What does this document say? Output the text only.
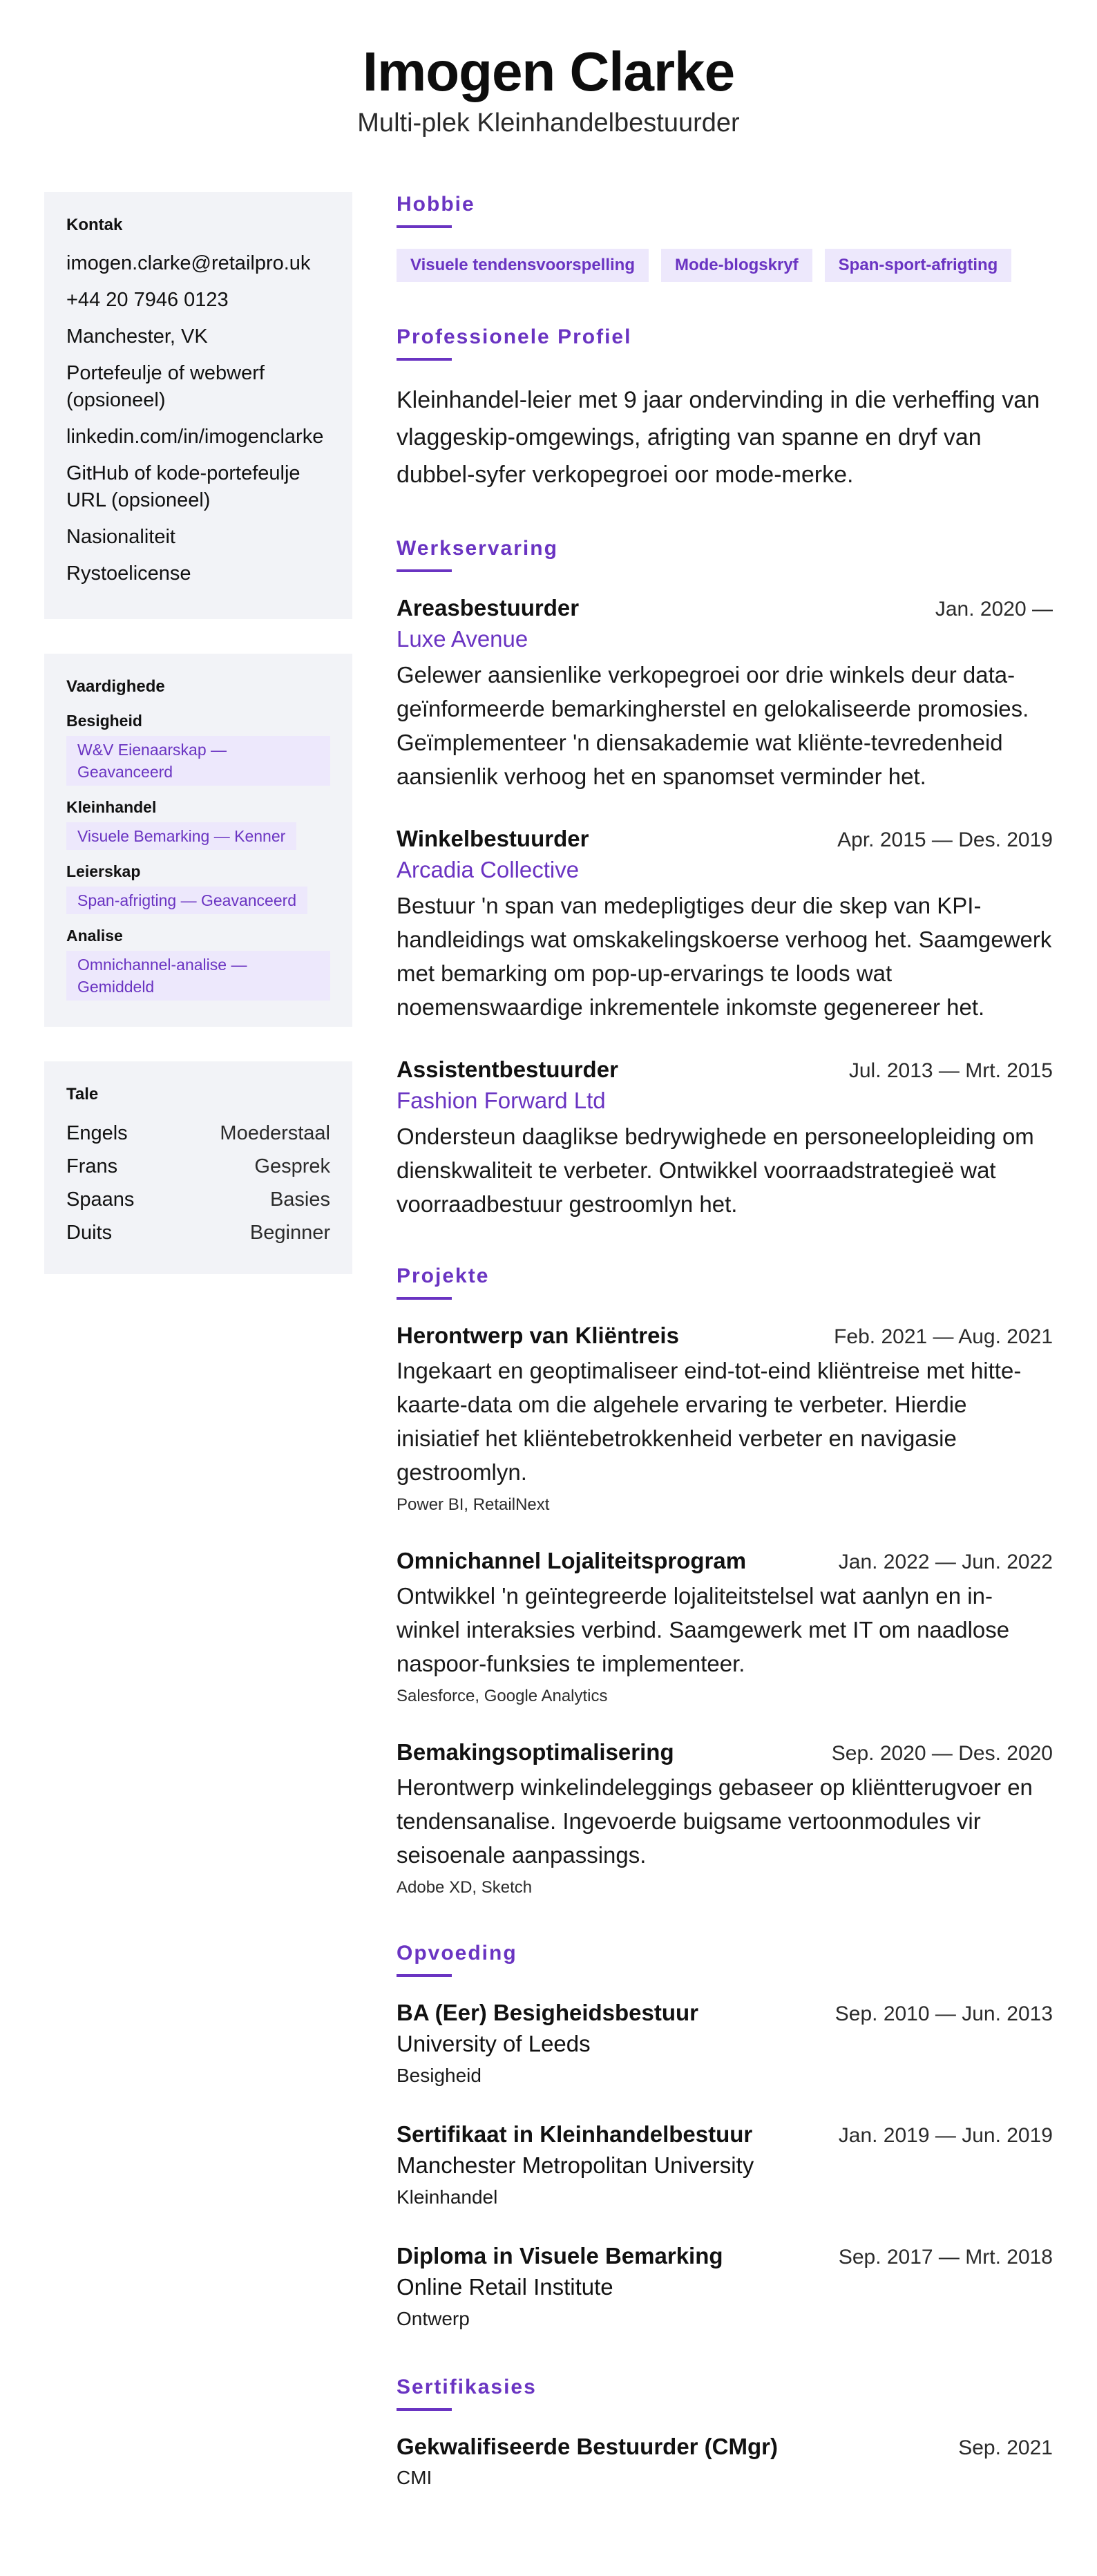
Imogen Clarke
Multi-plek Kleinhandelbestuurder
Kontak
imogen.clarke@retailpro.uk
+44 20 7946 0123
Manchester, VK
Portefeulje of webwerf (opsioneel)
linkedin.com/in/imogenclarke
GitHub of kode-portefeulje URL (opsioneel)
Nasionaliteit
Rystoelicense
Vaardighede
Besigheid
W&V Eienaarskap — Geavanceerd
Kleinhandel
Visuele Bemarking — Kenner
Leierskap
Span-afrigting — Geavanceerd
Analise
Omnichannel-analise — Gemiddeld
Tale
Engels	Moederstaal
Frans	Gesprek
Spaans	Basies
Duits	Beginner
Hobbie
Visuele tendensvoorspelling	Mode-blogskryf	Span-sport-afrigting
Professionele Profiel

Kleinhandel-leier met 9 jaar ondervinding in die verheffing van vlaggeskip-omgewings, afrigting van spanne en dryf van dubbel-syfer verkopegroei oor mode-merke.

Werkservaring
Areasbestuurder	Jan. 2020 —
Luxe Avenue

Gelewer aansienlike verkopegroei oor drie winkels deur data-geïnformeerde bemarkingherstel en gelokaliseerde promosies. Geïmplementeer 'n diensakademie wat kliënte-tevredenheid aansienlik verhoog het en spanomset verminder het.

Winkelbestuurder	Apr. 2015 — Des. 2019
Arcadia Collective

Bestuur 'n span van medepligtiges deur die skep van KPI-handleidings wat omskakelingskoerse verhoog het. Saamgewerk met bemarking om pop-up-ervarings te loods wat noemenswaardige inkrementele inkomste gegenereer het.

Assistentbestuurder	Jul. 2013 — Mrt. 2015
Fashion Forward Ltd

Ondersteun daaglikse bedrywighede en personeelopleiding om dienskwaliteit te verbeter. Ontwikkel voorraadstrategieë wat voorraadbestuur gestroomlyn het.

Projekte
Herontwerp van Kliëntreis	Feb. 2021 — Aug. 2021

Ingekaart en geoptimaliseer eind-tot-eind kliëntreise met hitte-kaarte-data om die algehele ervaring te verbeter. Hierdie inisiatief het kliëntebetrokkenheid verbeter en navigasie gestroomlyn.

Power BI, RetailNext
Omnichannel Lojaliteitsprogram	Jan. 2022 — Jun. 2022

Ontwikkel 'n geïntegreerde lojaliteitstelsel wat aanlyn en in-winkel interaksies verbind. Saamgewerk met IT om naadlose naspoor-funksies te implementeer.

Salesforce, Google Analytics
Bemakingsoptimalisering	Sep. 2020 — Des. 2020

Herontwerp winkelindeleggings gebaseer op kliëntterugvoer en tendensanalise. Ingevoerde buigsame vertoonmodules vir seisoenale aanpassings.

Adobe XD, Sketch
Opvoeding
BA (Eer) Besigheidsbestuur	Sep. 2010 — Jun. 2013
University of Leeds
Besigheid
Sertifikaat in Kleinhandelbestuur	Jan. 2019 — Jun. 2019
Manchester Metropolitan University
Kleinhandel
Diploma in Visuele Bemarking	Sep. 2017 — Mrt. 2018
Online Retail Institute
Ontwerp
Sertifikasies
Gekwalifiseerde Bestuurder (CMgr)	Sep. 2021
CMI
